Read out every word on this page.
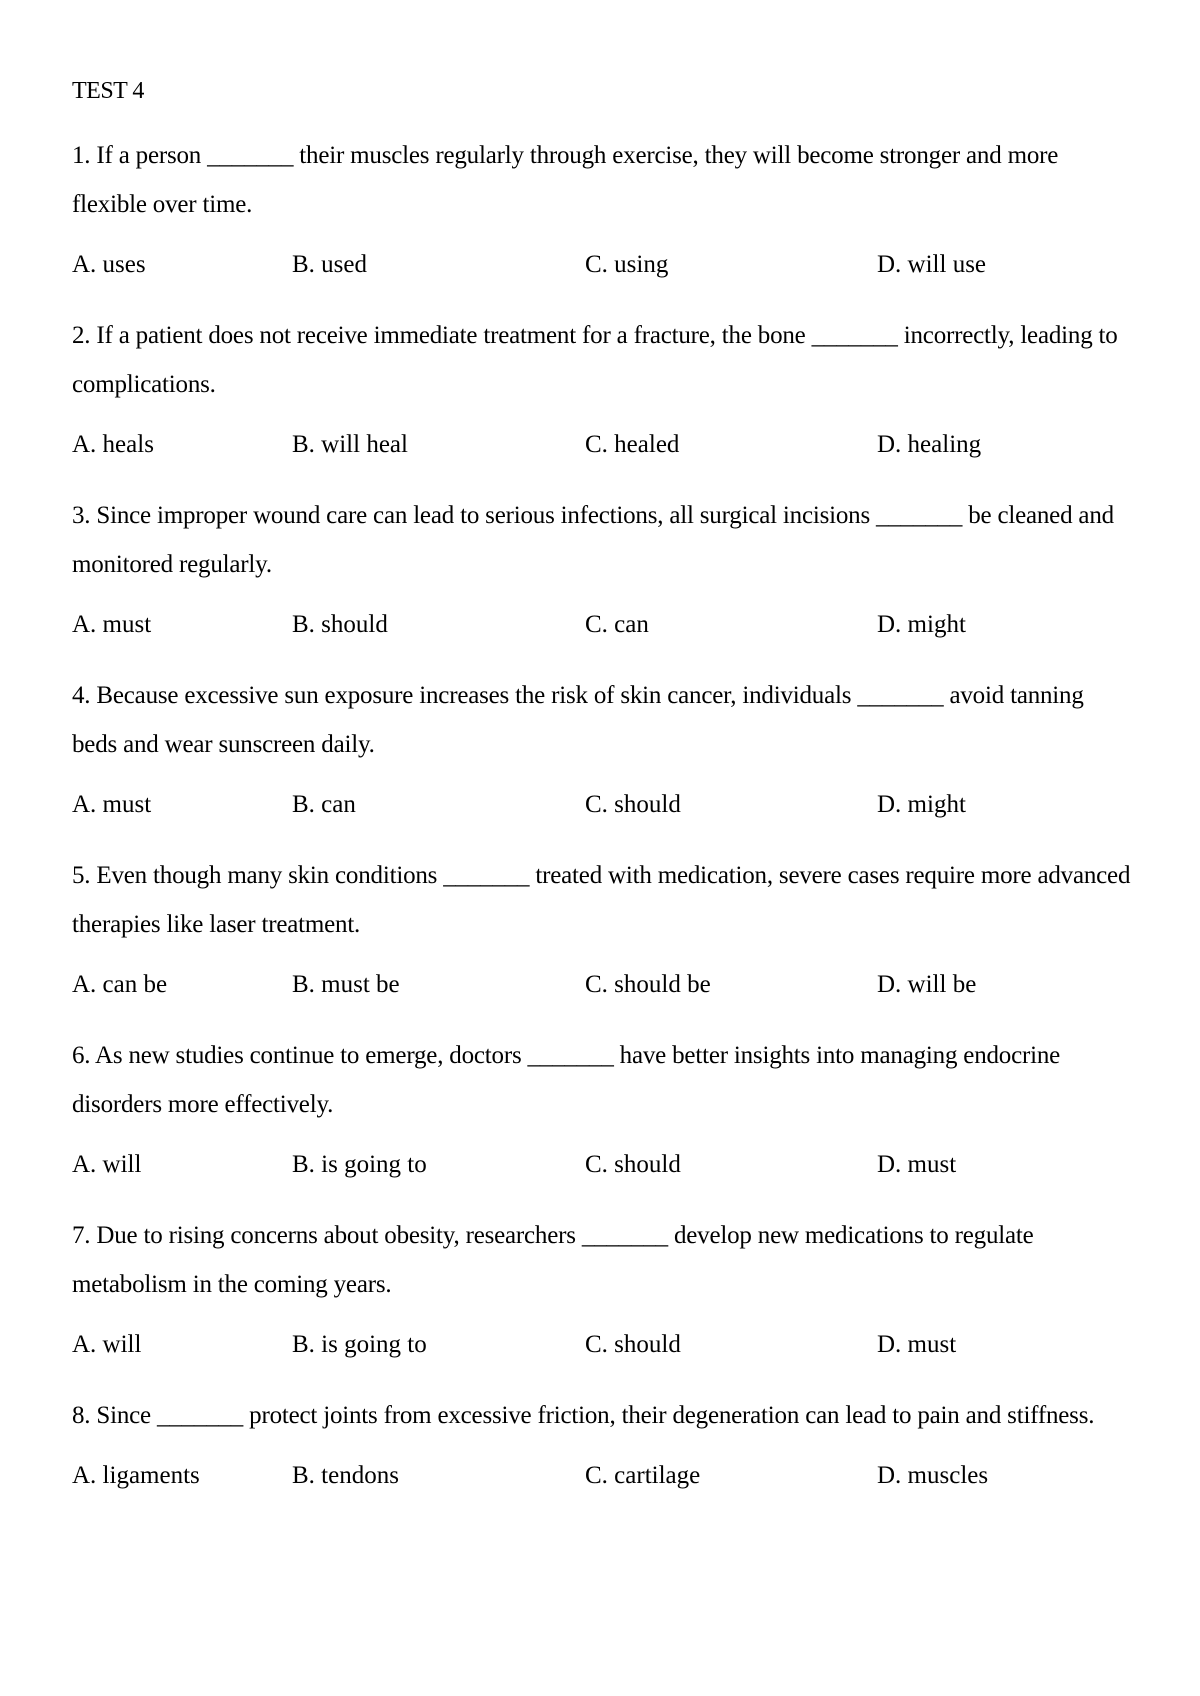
TEST 4

1. If a person _______ their muscles regularly through exercise, they will become stronger and more flexible over time.

A. uses	B. used	C. using	D. will use

2. If a patient does not receive immediate treatment for a fracture, the bone _______ incorrectly, leading to complications.

A. heals	B. will heal	C. healed	D. healing

3. Since improper wound care can lead to serious infections, all surgical incisions _______ be cleaned and monitored regularly.

A. must	B. should	C. can	D. might

4. Because excessive sun exposure increases the risk of skin cancer, individuals _______ avoid tanning beds and wear sunscreen daily.

A. must	B. can	C. should	D. might

5. Even though many skin conditions _______ treated with medication, severe cases require more advanced therapies like laser treatment.

A. can be	B. must be	C. should be	D. will be

6. As new studies continue to emerge, doctors _______ have better insights into managing endocrine disorders more effectively.

A. will	B. is going to	C. should	D. must

7. Due to rising concerns about obesity, researchers _______ develop new medications to regulate metabolism in the coming years.

A. will	B. is going to	C. should	D. must

8. Since _______ protect joints from excessive friction, their degeneration can lead to pain and stiffness.

A. ligaments	B. tendons	C. cartilage	D. muscles
